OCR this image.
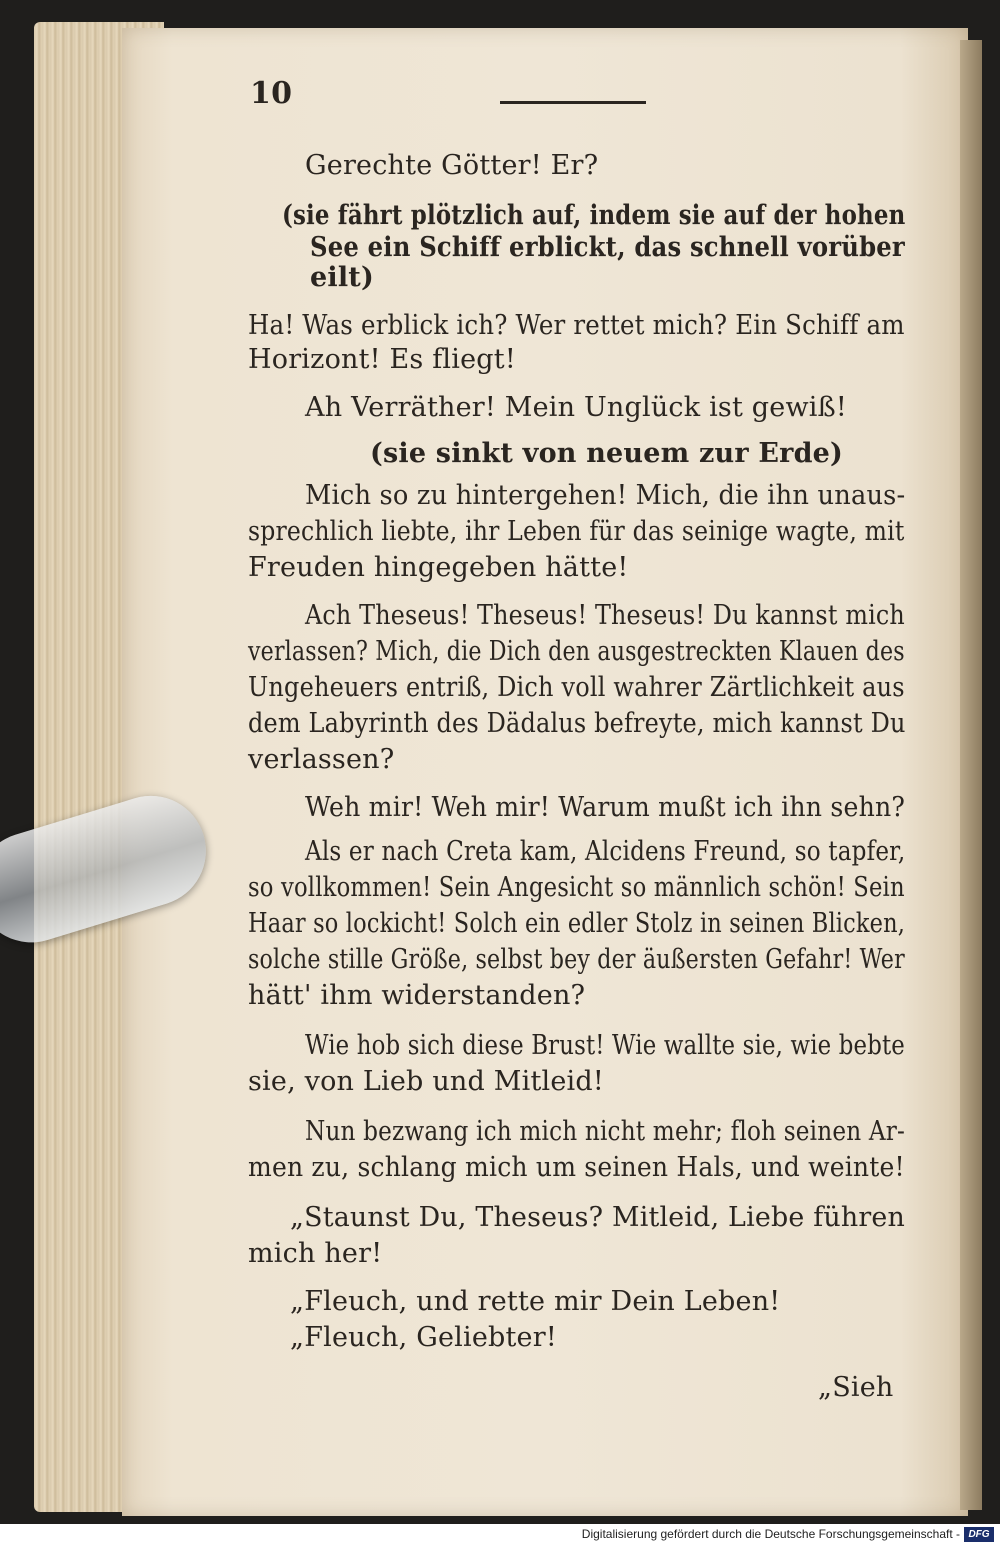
10
Gerechte Götter! Er?
(sie fährt plötzlich auf, indem sie auf der hohen
See ein Schiff erblickt, das schnell vorüber
eilt)
Ha! Was erblick ich? Wer rettet mich? Ein Schiff am
Horizont! Es fliegt!
Ah Verräther! Mein Unglück ist gewiß!
(sie sinkt von neuem zur Erde)
Mich so zu hintergehen! Mich, die ihn unaus-
sprechlich liebte, ihr Leben für das seinige wagte, mit
Freuden hingegeben hätte!
Ach Theseus! Theseus! Theseus! Du kannst mich
verlassen? Mich, die Dich den ausgestreckten Klauen des
Ungeheuers entriß, Dich voll wahrer Zärtlichkeit aus
dem Labyrinth des Dädalus befreyte, mich kannst Du
verlassen?
Weh mir! Weh mir! Warum mußt ich ihn sehn?
Als er nach Creta kam, Alcidens Freund, so tapfer,
so vollkommen! Sein Angesicht so männlich schön! Sein
Haar so lockicht! Solch ein edler Stolz in seinen Blicken,
solche stille Größe, selbst bey der äußersten Gefahr! Wer
hätt' ihm widerstanden?
Wie hob sich diese Brust! Wie wallte sie, wie bebte
sie, von Lieb und Mitleid!
Nun bezwang ich mich nicht mehr; floh seinen Ar-
men zu, schlang mich um seinen Hals, und weinte!
„Staunst Du, Theseus? Mitleid, Liebe führen
mich her!
„Fleuch, und rette mir Dein Leben!
„Fleuch, Geliebter!
„Sieh
Digitalisierung gefördert durch die Deutsche Forschungsgemeinschaft - DFG
